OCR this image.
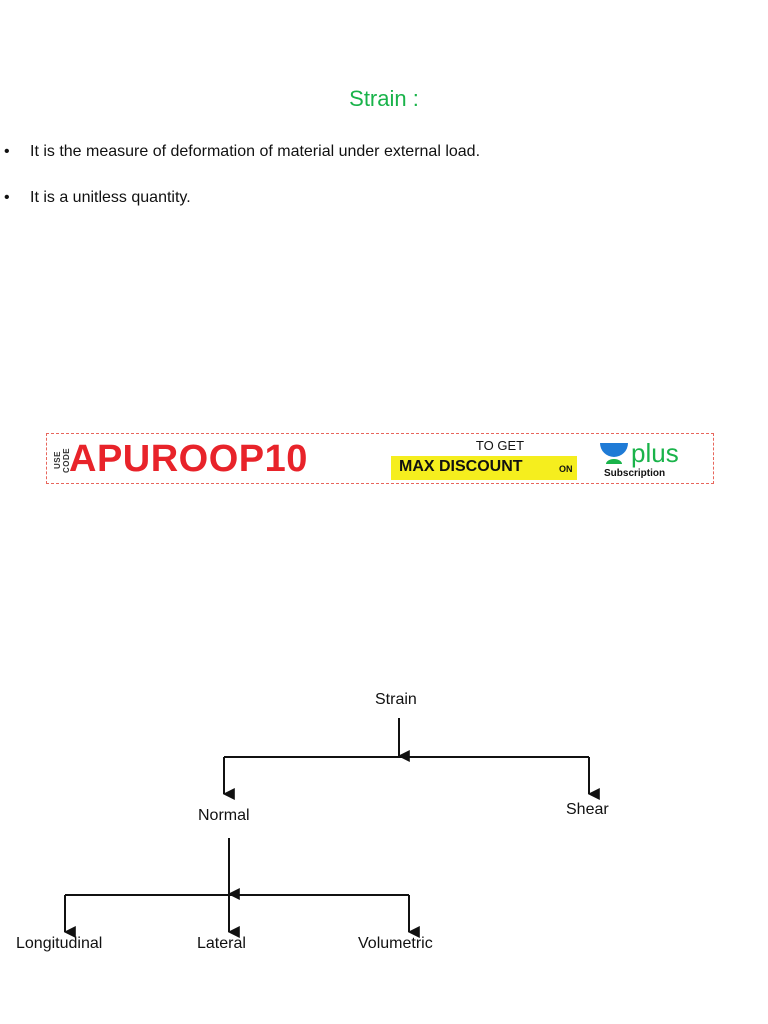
Strain :
• It is the measure of deformation of material under external load.
• It is a unitless quantity.
USE CODE
APUROOP10	TO GET
MAX DISCOUNT	ON
plus
Subscription
Strain
Normal	Shear
Longitudinal	Lateral	Volumetric
